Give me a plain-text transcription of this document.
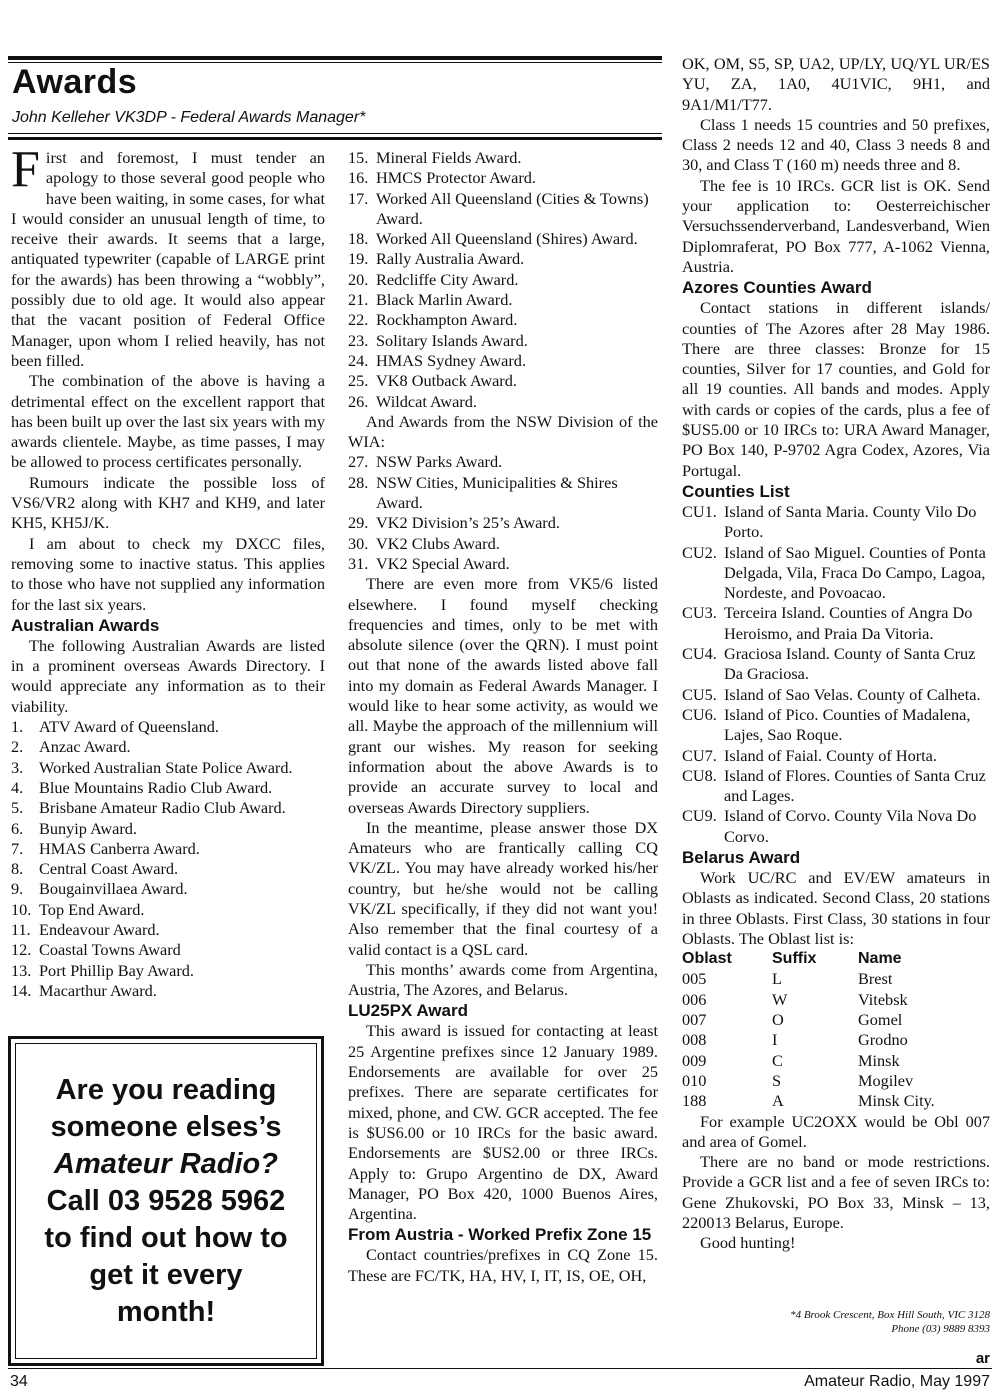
Awards
John Kelleher VK3DP - Federal Awards Manager*

First and foremost, I must tender an apology to those several good people who have been waiting, in some cases, for what I would consider an unusual length of time, to receive their awards. It seems that a large, antiquated typewriter (capable of LARGE print for the awards) has been throwing a “wobbly”, possibly due to old age. It would also appear that the vacant position of Federal Office Manager, upon whom I relied heavily, has not been filled.

The combination of the above is having a detrimental effect on the excellent rapport that has been built up over the last six years with my awards clientele. Maybe, as time passes, I may be allowed to process certificates personally.

Rumours indicate the possible loss of VS6/VR2 along with KH7 and KH9, and later KH5, KH5J/K.

I am about to check my DXCC files, removing some to inactive status. This applies to those who have not supplied any information for the last six years.

Australian Awards

The following Australian Awards are listed in a prominent overseas Awards Directory. I would appreciate any information as to their viability.

1. ATV Award of Queensland.
2. Anzac Award.
3. Worked Australian State Police Award.
4. Blue Mountains Radio Club Award.
5. Brisbane Amateur Radio Club Award.
6. Bunyip Award.
7. HMAS Canberra Award.
8. Central Coast Award.
9. Bougainvillaea Award.
10. Top End Award.
11. Endeavour Award.
12. Coastal Towns Award
13. Port Phillip Bay Award.
14. Macarthur Award.
Are you reading
someone elses’s
Amateur Radio?
Call 03 9528 5962
to find out how to
get it every
month!
15. Mineral Fields Award.
16. HMCS Protector Award.
17. Worked All Queensland (Cities & Towns) Award.
18. Worked All Queensland (Shires) Award.
19. Rally Australia Award.
20. Redcliffe City Award.
21. Black Marlin Award.
22. Rockhampton Award.
23. Solitary Islands Award.
24. HMAS Sydney Award.
25. VK8 Outback Award.
26. Wildcat Award.

And Awards from the NSW Division of the WIA:

27. NSW Parks Award.
28. NSW Cities, Municipalities & Shires Award.
29. VK2 Division’s 25’s Award.
30. VK2 Clubs Award.
31. VK2 Special Award.

There are even more from VK5/6 listed elsewhere. I found myself checking frequencies and times, only to be met with absolute silence (over the QRN). I must point out that none of the awards listed above fall into my domain as Federal Awards Manager. I would like to hear some activity, as would we all. Maybe the approach of the millennium will grant our wishes. My reason for seeking information about the above Awards is to provide an accurate survey to local and overseas Awards Directory suppliers.

In the meantime, please answer those DX Amateurs who are frantically calling CQ VK/ZL. You may have already worked his/her country, but he/she would not be calling VK/ZL specifically, if they did not want you! Also remember that the final courtesy of a valid contact is a QSL card.

This months’ awards come from Argentina, Austria, The Azores, and Belarus.

LU25PX Award

This award is issued for contacting at least 25 Argentine prefixes since 12 January 1989. Endorsements are available for over 25 prefixes. There are separate certificates for mixed, phone, and CW. GCR accepted. The fee is $US6.00 or 10 IRCs for the basic award. Endorsements are $US2.00 or three IRCs. Apply to: Grupo Argentino de DX, Award Manager, PO Box 420, 1000 Buenos Aires, Argentina.

From Austria - Worked Prefix Zone 15

Contact countries/prefixes in CQ Zone 15. These are FC/TK, HA, HV, I, IT, IS, OE, OH,

OK, OM, S5, SP, UA2, UP/LY, UQ/YL UR/ES YU, ZA, 1A0, 4U1VIC, 9H1, and 9A1/M1/T77.

Class 1 needs 15 countries and 50 prefixes, Class 2 needs 12 and 40, Class 3 needs 8 and 30, and Class T (160 m) needs three and 8.

The fee is 10 IRCs. GCR list is OK. Send your application to: Oesterreichischer Versuchssenderverband, Landesverband, Wien Diplomraferat, PO Box 777, A-1062 Vienna, Austria.

Azores Counties Award

Contact stations in different islands/ counties of The Azores after 28 May 1986. There are three classes: Bronze for 15 counties, Silver for 17 counties, and Gold for all 19 counties. All bands and modes. Apply with cards or copies of the cards, plus a fee of $US5.00 or 10 IRCs to: URA Award Manager, PO Box 140, P-9702 Agra Codex, Azores, Via Portugal.

Counties List
CU1. Island of Santa Maria. County Vilo Do Porto.
CU2. Island of Sao Miguel. Counties of Ponta Delgada, Vila, Fraca Do Campo, Lagoa, Nordeste, and Povoacao.
CU3. Terceira Island. Counties of Angra Do Heroismo, and Praia Da Vitoria.
CU4. Graciosa Island. County of Santa Cruz Da Graciosa.
CU5. Island of Sao Velas. County of Calheta.
CU6. Island of Pico. Counties of Madalena, Lajes, Sao Roque.
CU7. Island of Faial. County of Horta.
CU8. Island of Flores. Counties of Santa Cruz and Lages.
CU9. Island of Corvo. County Vila Nova Do Corvo.
Belarus Award

Work UC/RC and EV/EW amateurs in Oblasts as indicated. Second Class, 20 stations in three Oblasts. First Class, 30 stations in four Oblasts. The Oblast list is:

Oblast	Suffix	Name
005	L	Brest
006	W	Vitebsk
007	O	Gomel
008	I	Grodno
009	C	Minsk
010	S	Mogilev
188	A	Minsk City.

For example UC2OXX would be Obl 007 and area of Gomel.

There are no band or mode restrictions. Provide a GCR list and a fee of seven IRCs to: Gene Zhukovski, PO Box 33, Minsk – 13, 220013 Belarus, Europe.

Good hunting!

*4 Brook Crescent, Box Hill South, VIC 3128
Phone (03) 9889 8393
ar
34	Amateur Radio, May 1997
